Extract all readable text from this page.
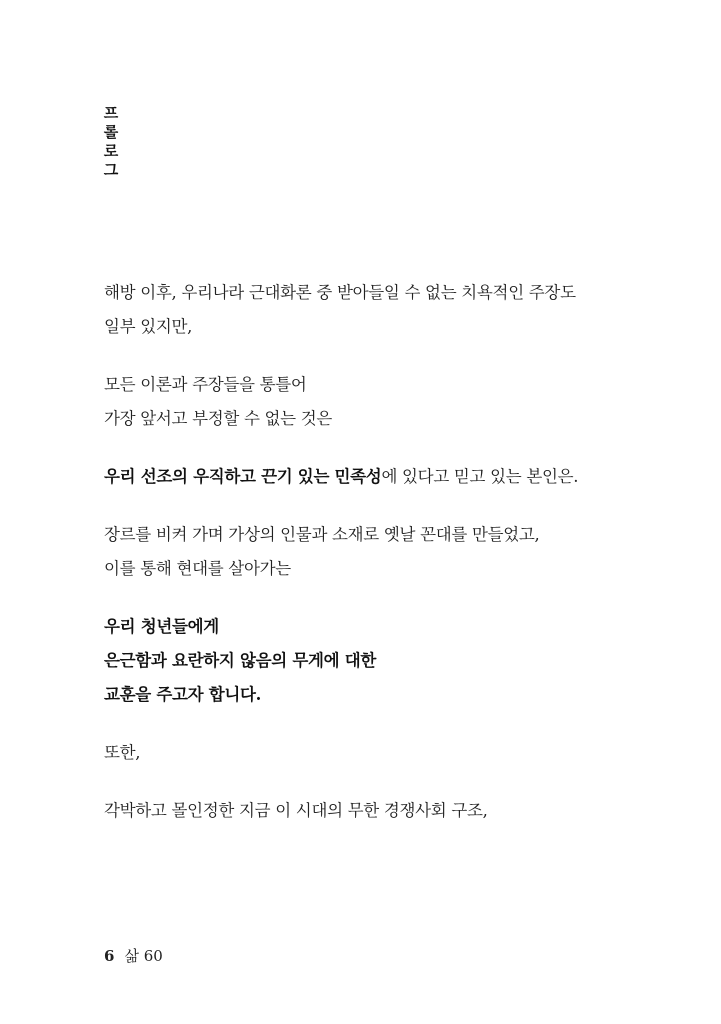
프
롤
로
그
해방 이후, 우리나라 근대화론 중 받아들일 수 없는 치욕적인 주장도 일부 있지만,
모든 이론과 주장들을 통틀어
가장 앞서고 부정할 수 없는 것은
우리 선조의 우직하고 끈기 있는 민족성에 있다고 믿고 있는 본인은.
장르를 비켜 가며 가상의 인물과 소재로 옛날 꼰대를 만들었고,
이를 통해 현대를 살아가는
우리 청년들에게
은근함과 요란하지 않음의 무게에 대한
교훈을 주고자 합니다.
또한,
각박하고 몰인정한 지금 이 시대의 무한 경쟁사회 구조,
6 삶 60
